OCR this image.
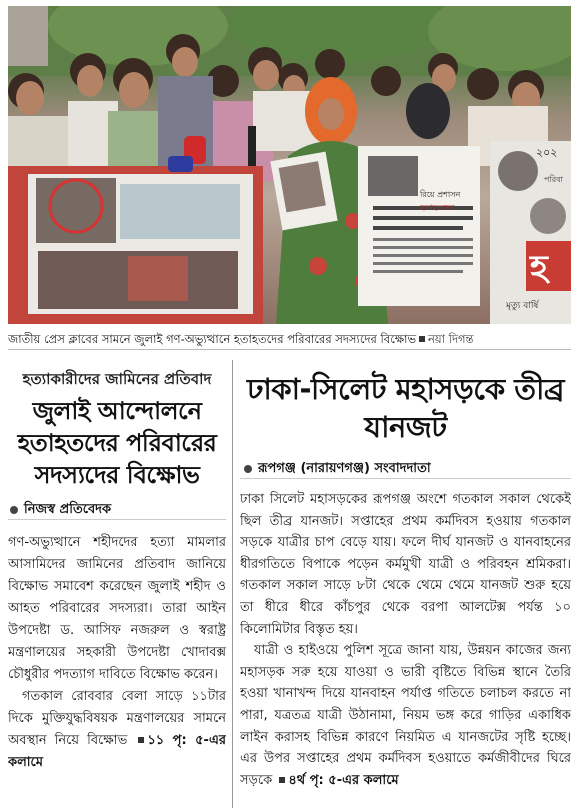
২০২
হ
পরিবা
মৃত্যু বার্ষি
রিয়ে প্রশাসন
হতাহতদের
জাতীয় প্রেস ক্লাবের সামনে জুলাই গণ-অভ্যুত্থানে হতাহতদের পরিবারের সদস্যদের বিক্ষোভ নয়া দিগন্ত
হত্যাকারীদের জামিনের প্রতিবাদ
জুলাই আন্দোলনে হতাহতদের পরিবারের সদস্যদের বিক্ষোভ
নিজস্ব প্রতিবেদক

গণ-অভ্যুত্থানে শহীদদের হত্যা মামলার আসামিদের জামিনের প্রতিবাদ জানিয়ে বিক্ষোভ সমাবেশ করেছেন জুলাই শহীদ ও আহত পরিবারের সদস্যরা। তারা আইন উপদেষ্টা ড. আসিফ নজরুল ও স্বরাষ্ট্র মন্ত্রণালয়ের সহকারী উপদেষ্টা খোদাবক্স চৌধুরীর পদত্যাগ দাবিতে বিক্ষোভ করেন।

গতকাল রোববার বেলা সাড়ে ১১টার দিকে মুক্তিযুদ্ধবিষয়ক মন্ত্রণালয়ের সামনে অবস্থান নিয়ে বিক্ষোভ ১১ পৃ: ৫-এর কলামে

ঢাকা-সিলেট মহাসড়কে তীব্র যানজট
রূপগঞ্জ (নারায়ণগঞ্জ) সংবাদদাতা

ঢাকা সিলেট মহাসড়কের রূপগঞ্জ অংশে গতকাল সকাল থেকেই ছিল তীব্র যানজট। সপ্তাহের প্রথম কর্মদিবস হওয়ায় গতকাল সড়কে যাত্রীর চাপ বেড়ে যায়। ফলে দীর্ঘ যানজট ও যানবাহনের ধীরগতিতে বিপাকে পড়েন কর্মমুখী যাত্রী ও পরিবহন শ্রমিকরা। গতকাল সকাল সাড়ে ৮টা থেকে থেমে থেমে যানজট শুরু হয়ে তা ধীরে ধীরে কাঁচপুর থেকে বরপা আলটেক্স পর্যন্ত ১০ কিলোমিটার বিস্তৃত হয়।

যাত্রী ও হাইওয়ে পুলিশ সূত্রে জানা যায়, উন্নয়ন কাজের জন্য মহাসড়ক সরু হয়ে যাওয়া ও ভারী বৃষ্টিতে বিভিন্ন স্থানে তৈরি হওয়া খানাখন্দ দিয়ে যানবাহন পর্যাপ্ত গতিতে চলাচল করতে না পারা, যত্রতত্র যাত্রী উঠানামা, নিয়ম ভঙ্গ করে গাড়ির একাধিক লাইন করাসহ বিভিন্ন কারণে নিয়মিত এ যানজটের সৃষ্টি হচ্ছে। এর উপর সপ্তাহের প্রথম কর্মদিবস হওয়াতে কর্মজীবীদের ঘিরে সড়কে ৪র্থ পৃ: ৫-এর কলামে
